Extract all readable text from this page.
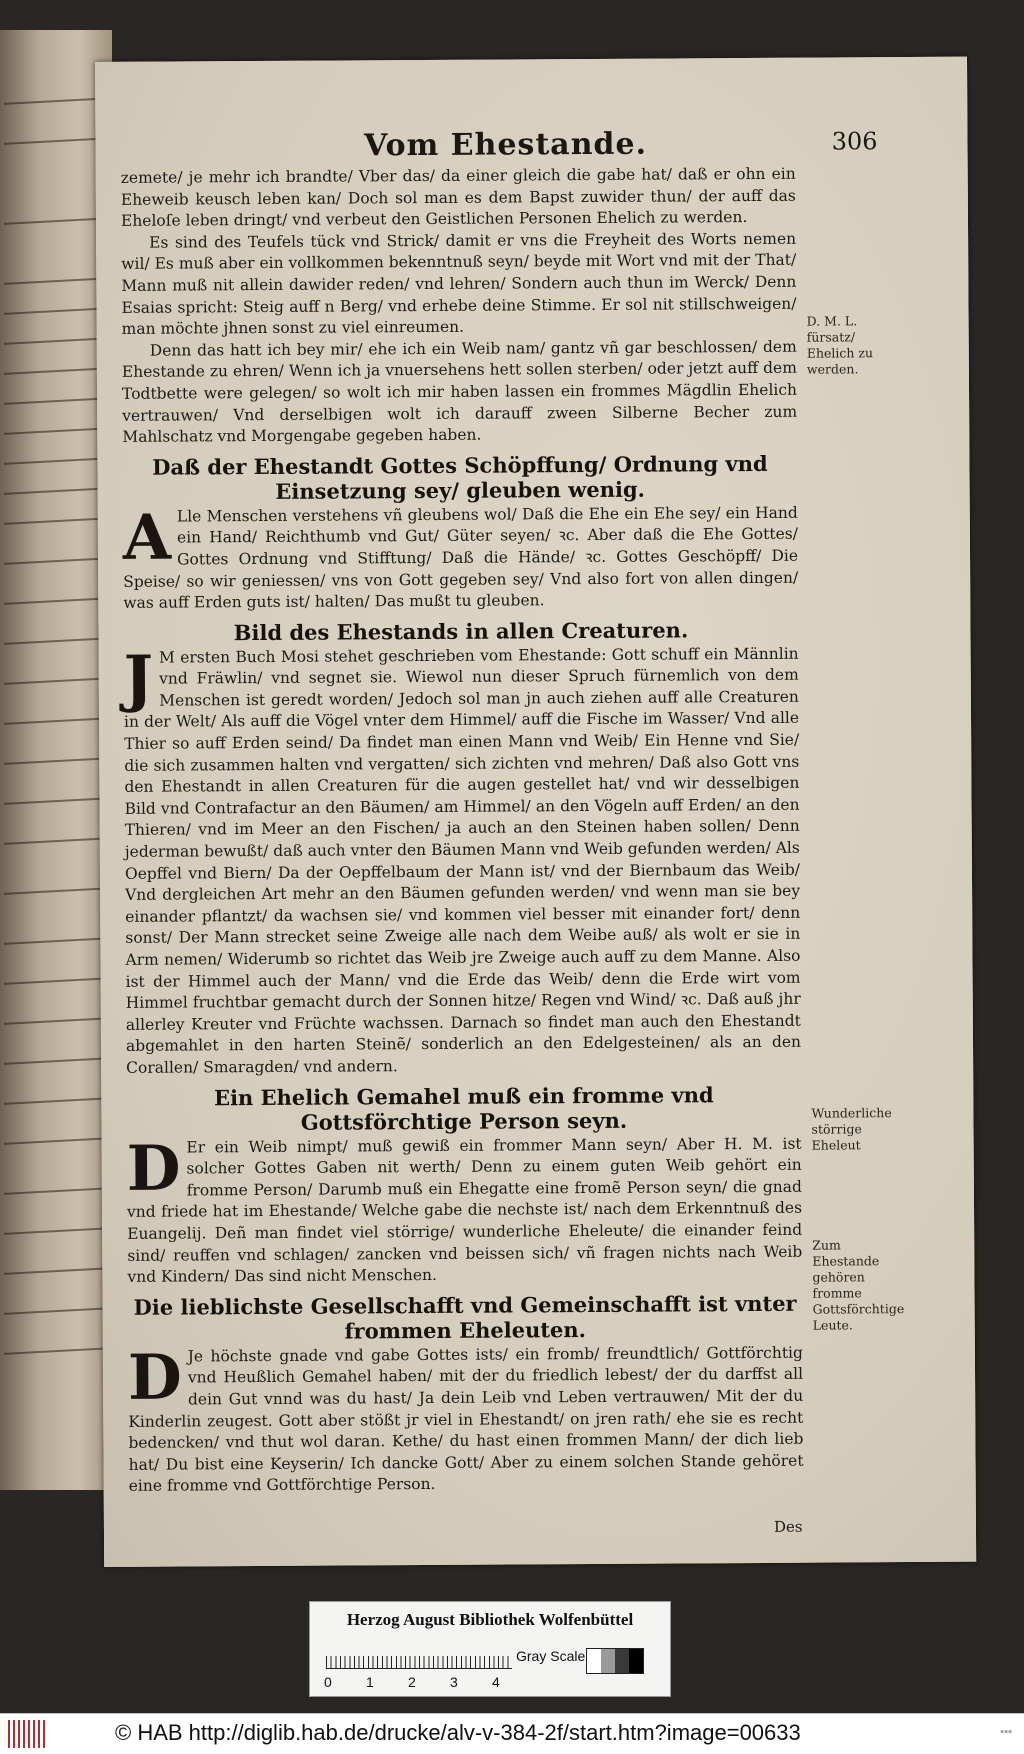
Vom Ehestande.	306

zemete/ je mehr ich brandte/ Vber das/ da einer gleich die gabe hat/ daß er ohn ein Eheweib keusch leben kan/ Doch sol man es dem Bapst zuwider thun/ der auff das Eheloſe leben dringt/ vnd verbeut den Geistlichen Personen Ehelich zu werden.

Es sind des Teufels tück vnd Strick/ damit er vns die Freyheit des Worts nemen wil/ Es muß aber ein vollkommen bekenntnuß seyn/ beyde mit Wort vnd mit der That/ Mann muß nit allein dawider reden/ vnd lehren/ Sondern auch thun im Werck/ Denn Esaias spricht: Steig auff n Berg/ vnd erhebe deine Stimme. Er sol nit stillschweigen/ man möchte jhnen sonst zu viel einreumen.

Denn das hatt ich bey mir/ ehe ich ein Weib nam/ gantz vñ gar beschlossen/ dem Ehestande zu ehren/ Wenn ich ja vnuersehens hett sollen sterben/ oder jetzt auff dem Todtbette were gelegen/ so wolt ich mir haben lassen ein frommes Mägdlin Ehelich vertrauwen/ Vnd derselbigen wolt ich darauff zween Silberne Becher zum Mahlschatz vnd Morgengabe gegeben haben.

Daß der Ehestandt Gottes Schöpffung/ Ordnung vnd Einsetzung sey/ gleuben wenig.

A Lle Menschen verstehens vñ gleubens wol/ Daß die Ehe ein Ehe sey/ ein Hand ein Hand/ Reichthumb vnd Gut/ Güter seyen/ ꝛc. Aber daß die Ehe Gottes/ Gottes Ordnung vnd Stifftung/ Daß die Hände/ ꝛc. Gottes Geschöpff/ Die Speise/ so wir geniessen/ vns von Gott gegeben sey/ Vnd also fort von allen dingen/ was auff Erden guts ist/ halten/ Das mußt tu gleuben.

Bild des Ehestands in allen Creaturen.

J M ersten Buch Mosi stehet geschrieben vom Ehestande: Gott schuff ein Männlin vnd Fräwlin/ vnd segnet sie. Wiewol nun dieser Spruch fürnemlich von dem Menschen ist geredt worden/ Jedoch sol man jn auch ziehen auff alle Creaturen in der Welt/ Als auff die Vögel vnter dem Himmel/ auff die Fische im Wasser/ Vnd alle Thier so auff Erden seind/ Da findet man einen Mann vnd Weib/ Ein Henne vnd Sie/ die sich zusammen halten vnd vergatten/ sich zichten vnd mehren/ Daß also Gott vns den Ehestandt in allen Creaturen für die augen gestellet hat/ vnd wir desselbigen Bild vnd Contrafactur an den Bäumen/ am Himmel/ an den Vögeln auff Erden/ an den Thieren/ vnd im Meer an den Fischen/ ja auch an den Steinen haben sollen/ Denn jederman bewußt/ daß auch vnter den Bäumen Mann vnd Weib gefunden werden/ Als Oepffel vnd Biern/ Da der Oepffelbaum der Mann ist/ vnd der Biernbaum das Weib/ Vnd dergleichen Art mehr an den Bäumen gefunden werden/ vnd wenn man sie bey einander pflantzt/ da wachsen sie/ vnd kommen viel besser mit einander fort/ denn sonst/ Der Mann strecket seine Zweige alle nach dem Weibe auß/ als wolt er sie in Arm nemen/ Widerumb so richtet das Weib jre Zweige auch auff zu dem Manne. Also ist der Himmel auch der Mann/ vnd die Erde das Weib/ denn die Erde wirt vom Himmel fruchtbar gemacht durch der Sonnen hitze/ Regen vnd Wind/ ꝛc. Daß auß jhr allerley Kreuter vnd Früchte wachssen. Darnach so findet man auch den Ehestandt abgemahlet in den harten Steinẽ/ sonderlich an den Edelgesteinen/ als an den Corallen/ Smaragden/ vnd andern.

Ein Ehelich Gemahel muß ein fromme vnd Gottsförchtige Person seyn.

D Er ein Weib nimpt/ muß gewiß ein frommer Mann seyn/ Aber H. M. ist solcher Gottes Gaben nit werth/ Denn zu einem guten Weib gehört ein fromme Person/ Darumb muß ein Ehegatte eine fromẽ Person seyn/ die gnad vnd friede hat im Ehestande/ Welche gabe die nechste ist/ nach dem Erkenntnuß des Euangelij. Deñ man findet viel störrige/ wunderliche Eheleute/ die einander feind sind/ reuffen vnd schlagen/ zancken vnd beissen sich/ vñ fragen nichts nach Weib vnd Kindern/ Das sind nicht Menschen.

Die lieblichste Gesellschafft vnd Gemeinschafft ist vnter frommen Eheleuten.

D Je höchste gnade vnd gabe Gottes ists/ ein fromb/ freundtlich/ Gottförchtig vnd Heußlich Gemahel haben/ mit der du friedlich lebest/ der du darffst all dein Gut vnnd was du hast/ Ja dein Leib vnd Leben vertrauwen/ Mit der du Kinderlin zeugest. Gott aber stößt jr viel in Ehestandt/ on jren rath/ ehe sie es recht bedencken/ vnd thut wol daran. Kethe/ du hast einen frommen Mann/ der dich lieb hat/ Du bist eine Keyserin/ Ich dancke Gott/ Aber zu einem solchen Stande gehöret eine fromme vnd Gottförchtige Person.

D. M. L. fürsatz/ Ehelich zu werden.
Wunderliche störrige Eheleut
Zum Ehestande gehören fromme Gottsförchtige Leute.
Des
Herzog August Bibliothek Wolfenbüttel
0 1 2 3 4
Gray Scale
© HAB http://diglib.hab.de/drucke/alv-v-384-2f/start.htm?image=00633	▪▪▪
